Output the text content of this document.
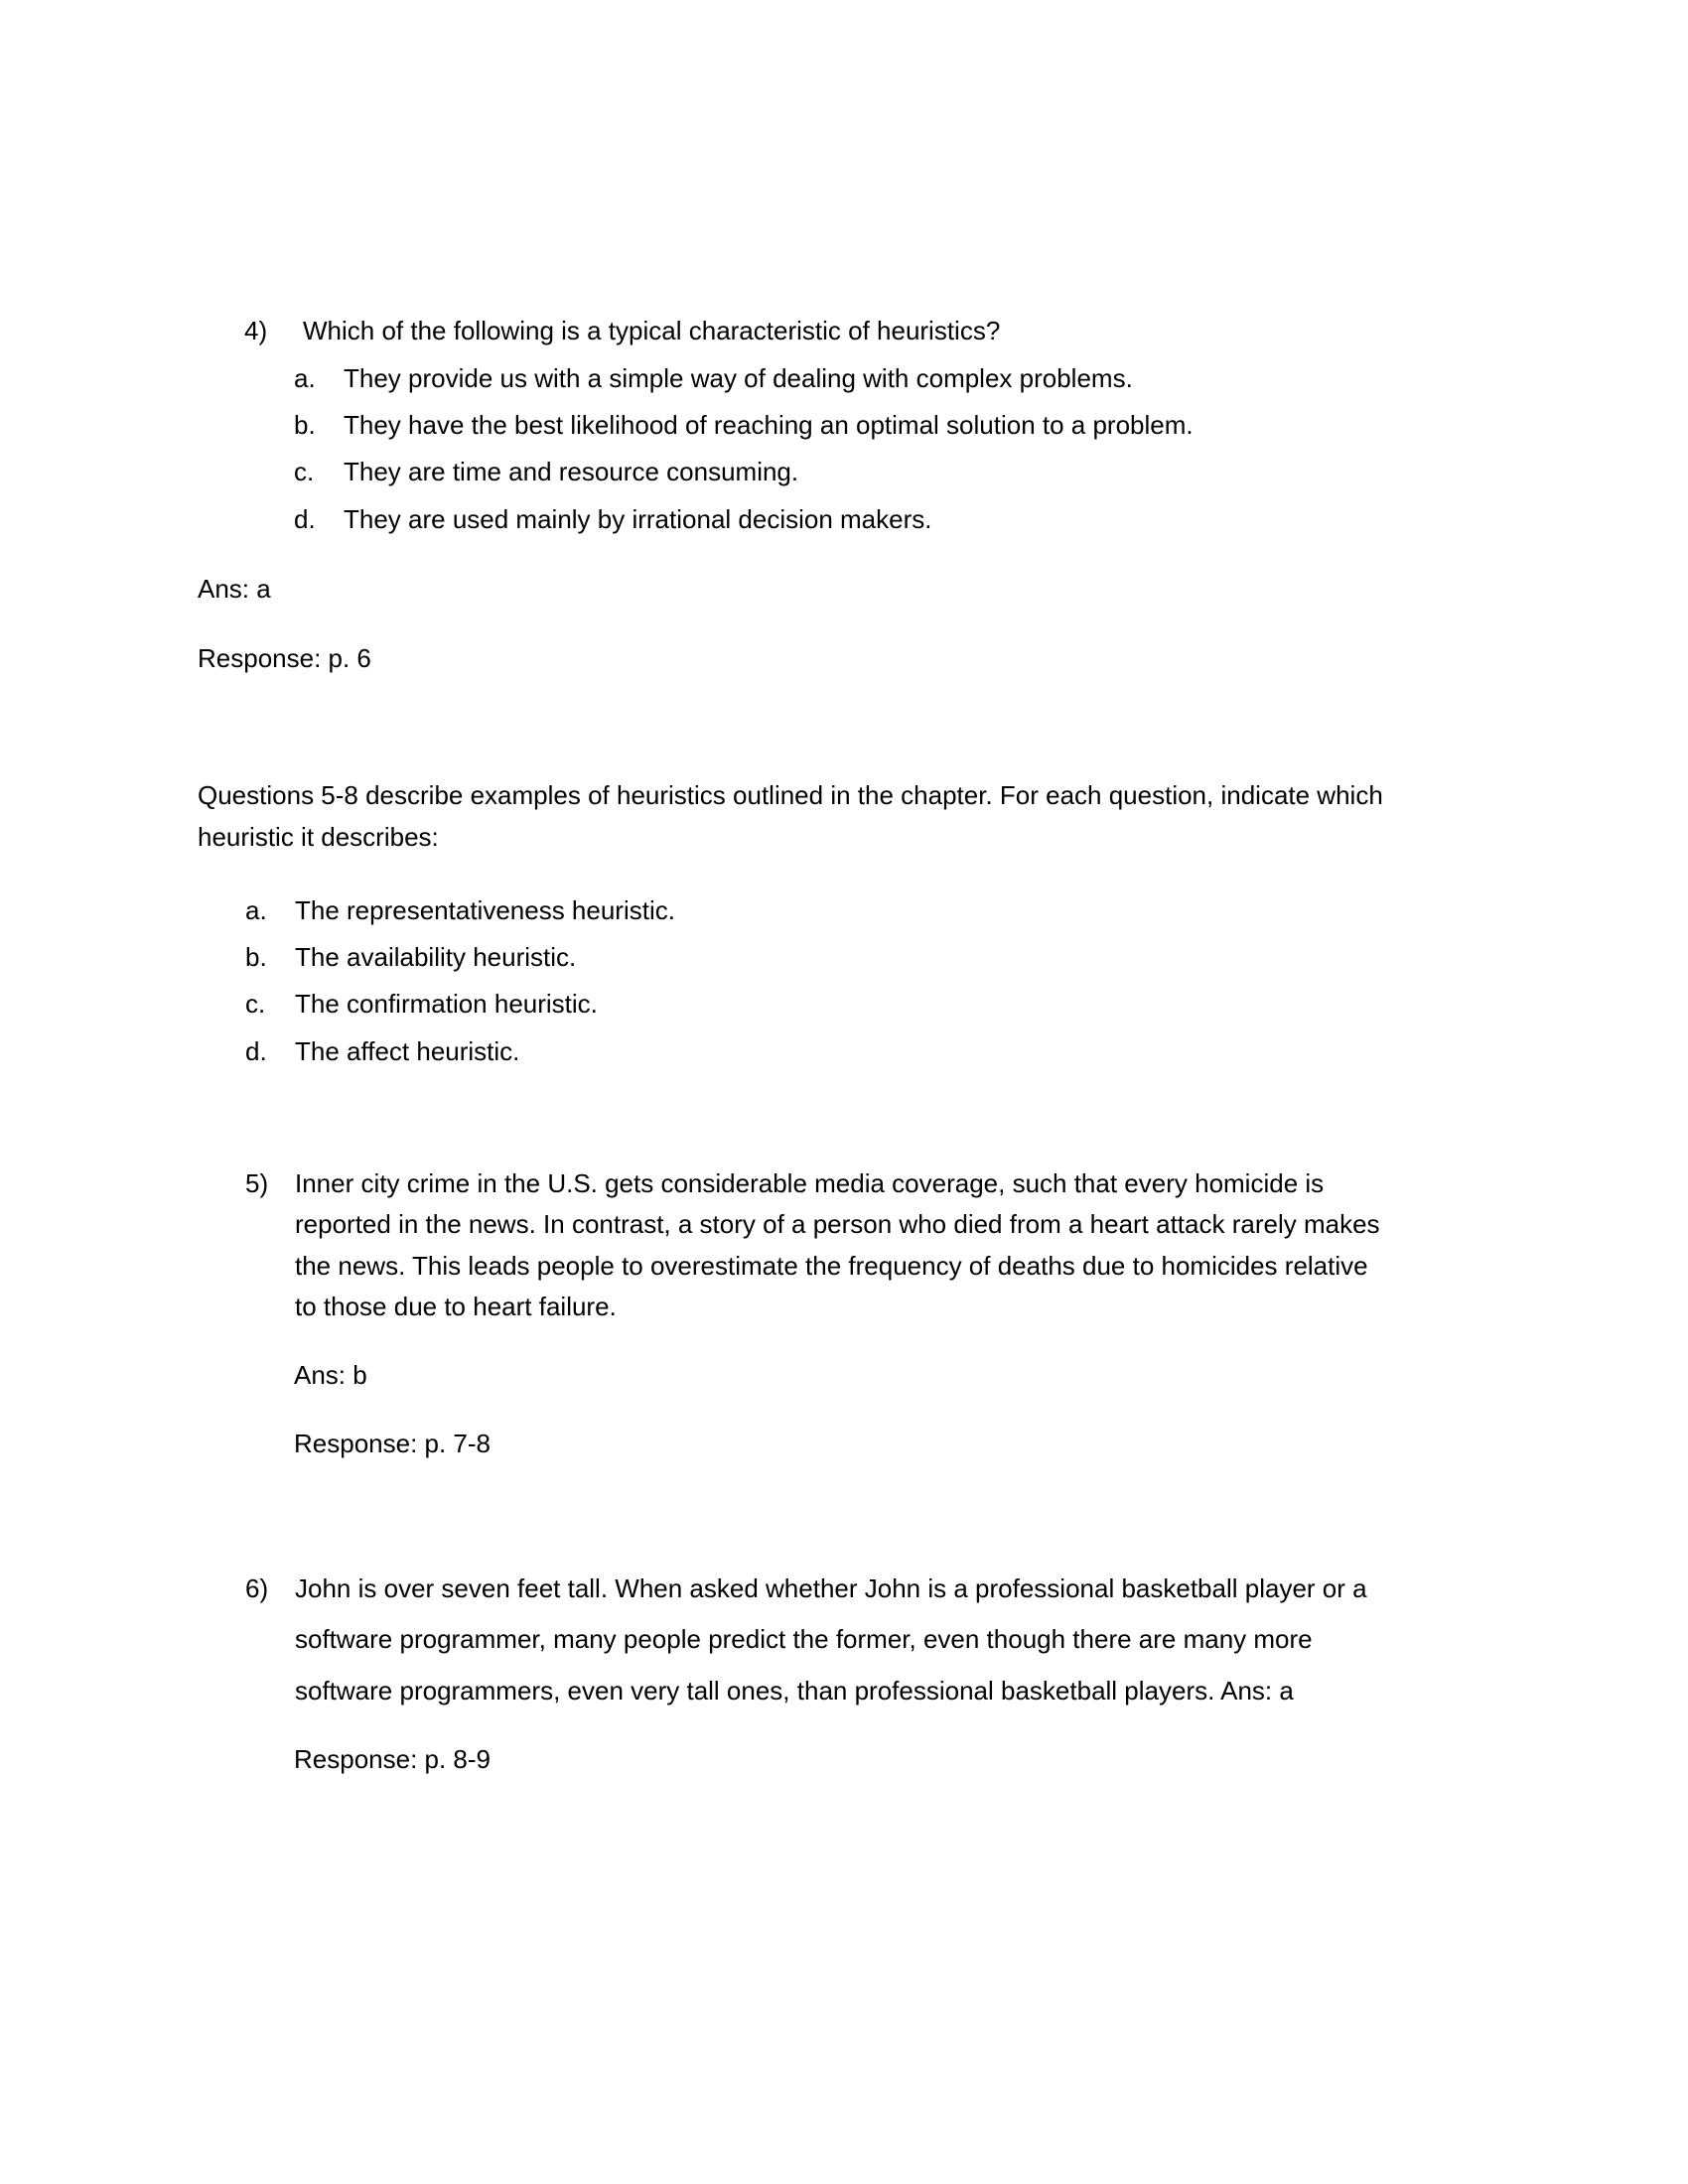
4) Which of the following is a typical characteristic of heuristics?
a. They provide us with a simple way of dealing with complex problems.
b. They have the best likelihood of reaching an optimal solution to a problem.
c. They are time and resource consuming.
d. They are used mainly by irrational decision makers.
Ans: a
Response: p. 6
Questions 5-8 describe examples of heuristics outlined in the chapter. For each question, indicate which
heuristic it describes:
a. The representativeness heuristic.
b. The availability heuristic.
c. The confirmation heuristic.
d. The affect heuristic.
5) Inner city crime in the U.S. gets considerable media coverage, such that every homicide is
reported in the news. In contrast, a story of a person who died from a heart attack rarely makes
the news. This leads people to overestimate the frequency of deaths due to homicides relative
to those due to heart failure.
Ans: b
Response: p. 7-8
6) John is over seven feet tall. When asked whether John is a professional basketball player or a
software programmer, many people predict the former, even though there are many more
software programmers, even very tall ones, than professional basketball players. Ans: a
Response: p. 8-9
